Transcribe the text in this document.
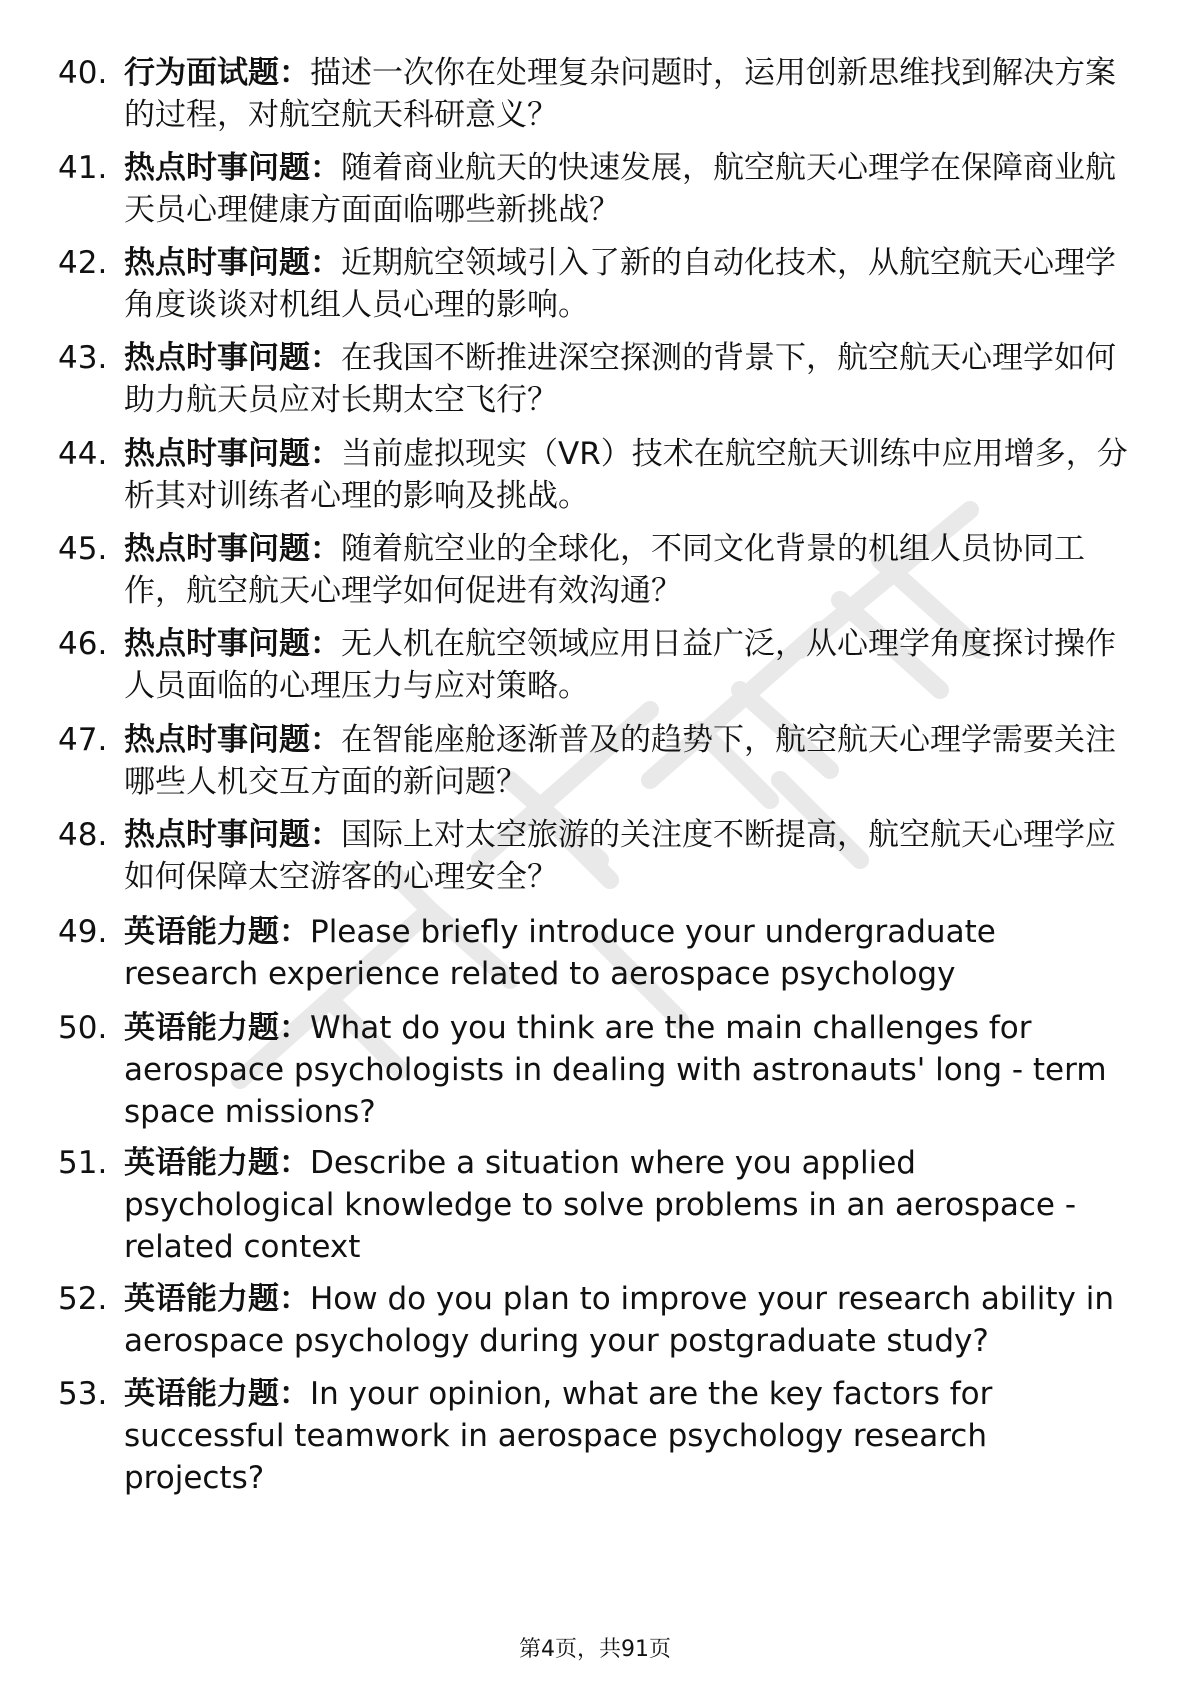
40. 行为面试题：描述一次你在处理复杂问题时，运用创新思维找到解决方案的过程，对航空航天科研意义？
41. 热点时事问题：随着商业航天的快速发展，航空航天心理学在保障商业航天员心理健康方面面临哪些新挑战？
42. 热点时事问题：近期航空领域引入了新的自动化技术，从航空航天心理学角度谈谈对机组人员心理的影响。
43. 热点时事问题：在我国不断推进深空探测的背景下，航空航天心理学如何助力航天员应对长期太空飞行？
44. 热点时事问题：当前虚拟现实（VR）技术在航空航天训练中应用增多，分析其对训练者心理的影响及挑战。
45. 热点时事问题：随着航空业的全球化，不同文化背景的机组人员协同工作，航空航天心理学如何促进有效沟通？
46. 热点时事问题：无人机在航空领域应用日益广泛，从心理学角度探讨操作人员面临的心理压力与应对策略。
47. 热点时事问题：在智能座舱逐渐普及的趋势下，航空航天心理学需要关注哪些人机交互方面的新问题？
48. 热点时事问题：国际上对太空旅游的关注度不断提高，航空航天心理学应如何保障太空游客的心理安全？
49. 英语能力题：Please briefly introduce your undergraduate research experience related to aerospace psychology
50. 英语能力题：What do you think are the main challenges for aerospace psychologists in dealing with astronauts' long - term space missions?
51. 英语能力题：Describe a situation where you applied psychological knowledge to solve problems in an aerospace - related context
52. 英语能力题：How do you plan to improve your research ability in aerospace psychology during your postgraduate study?
53. 英语能力题：In your opinion, what are the key factors for successful teamwork in aerospace psychology research projects?
第4页，共91页
